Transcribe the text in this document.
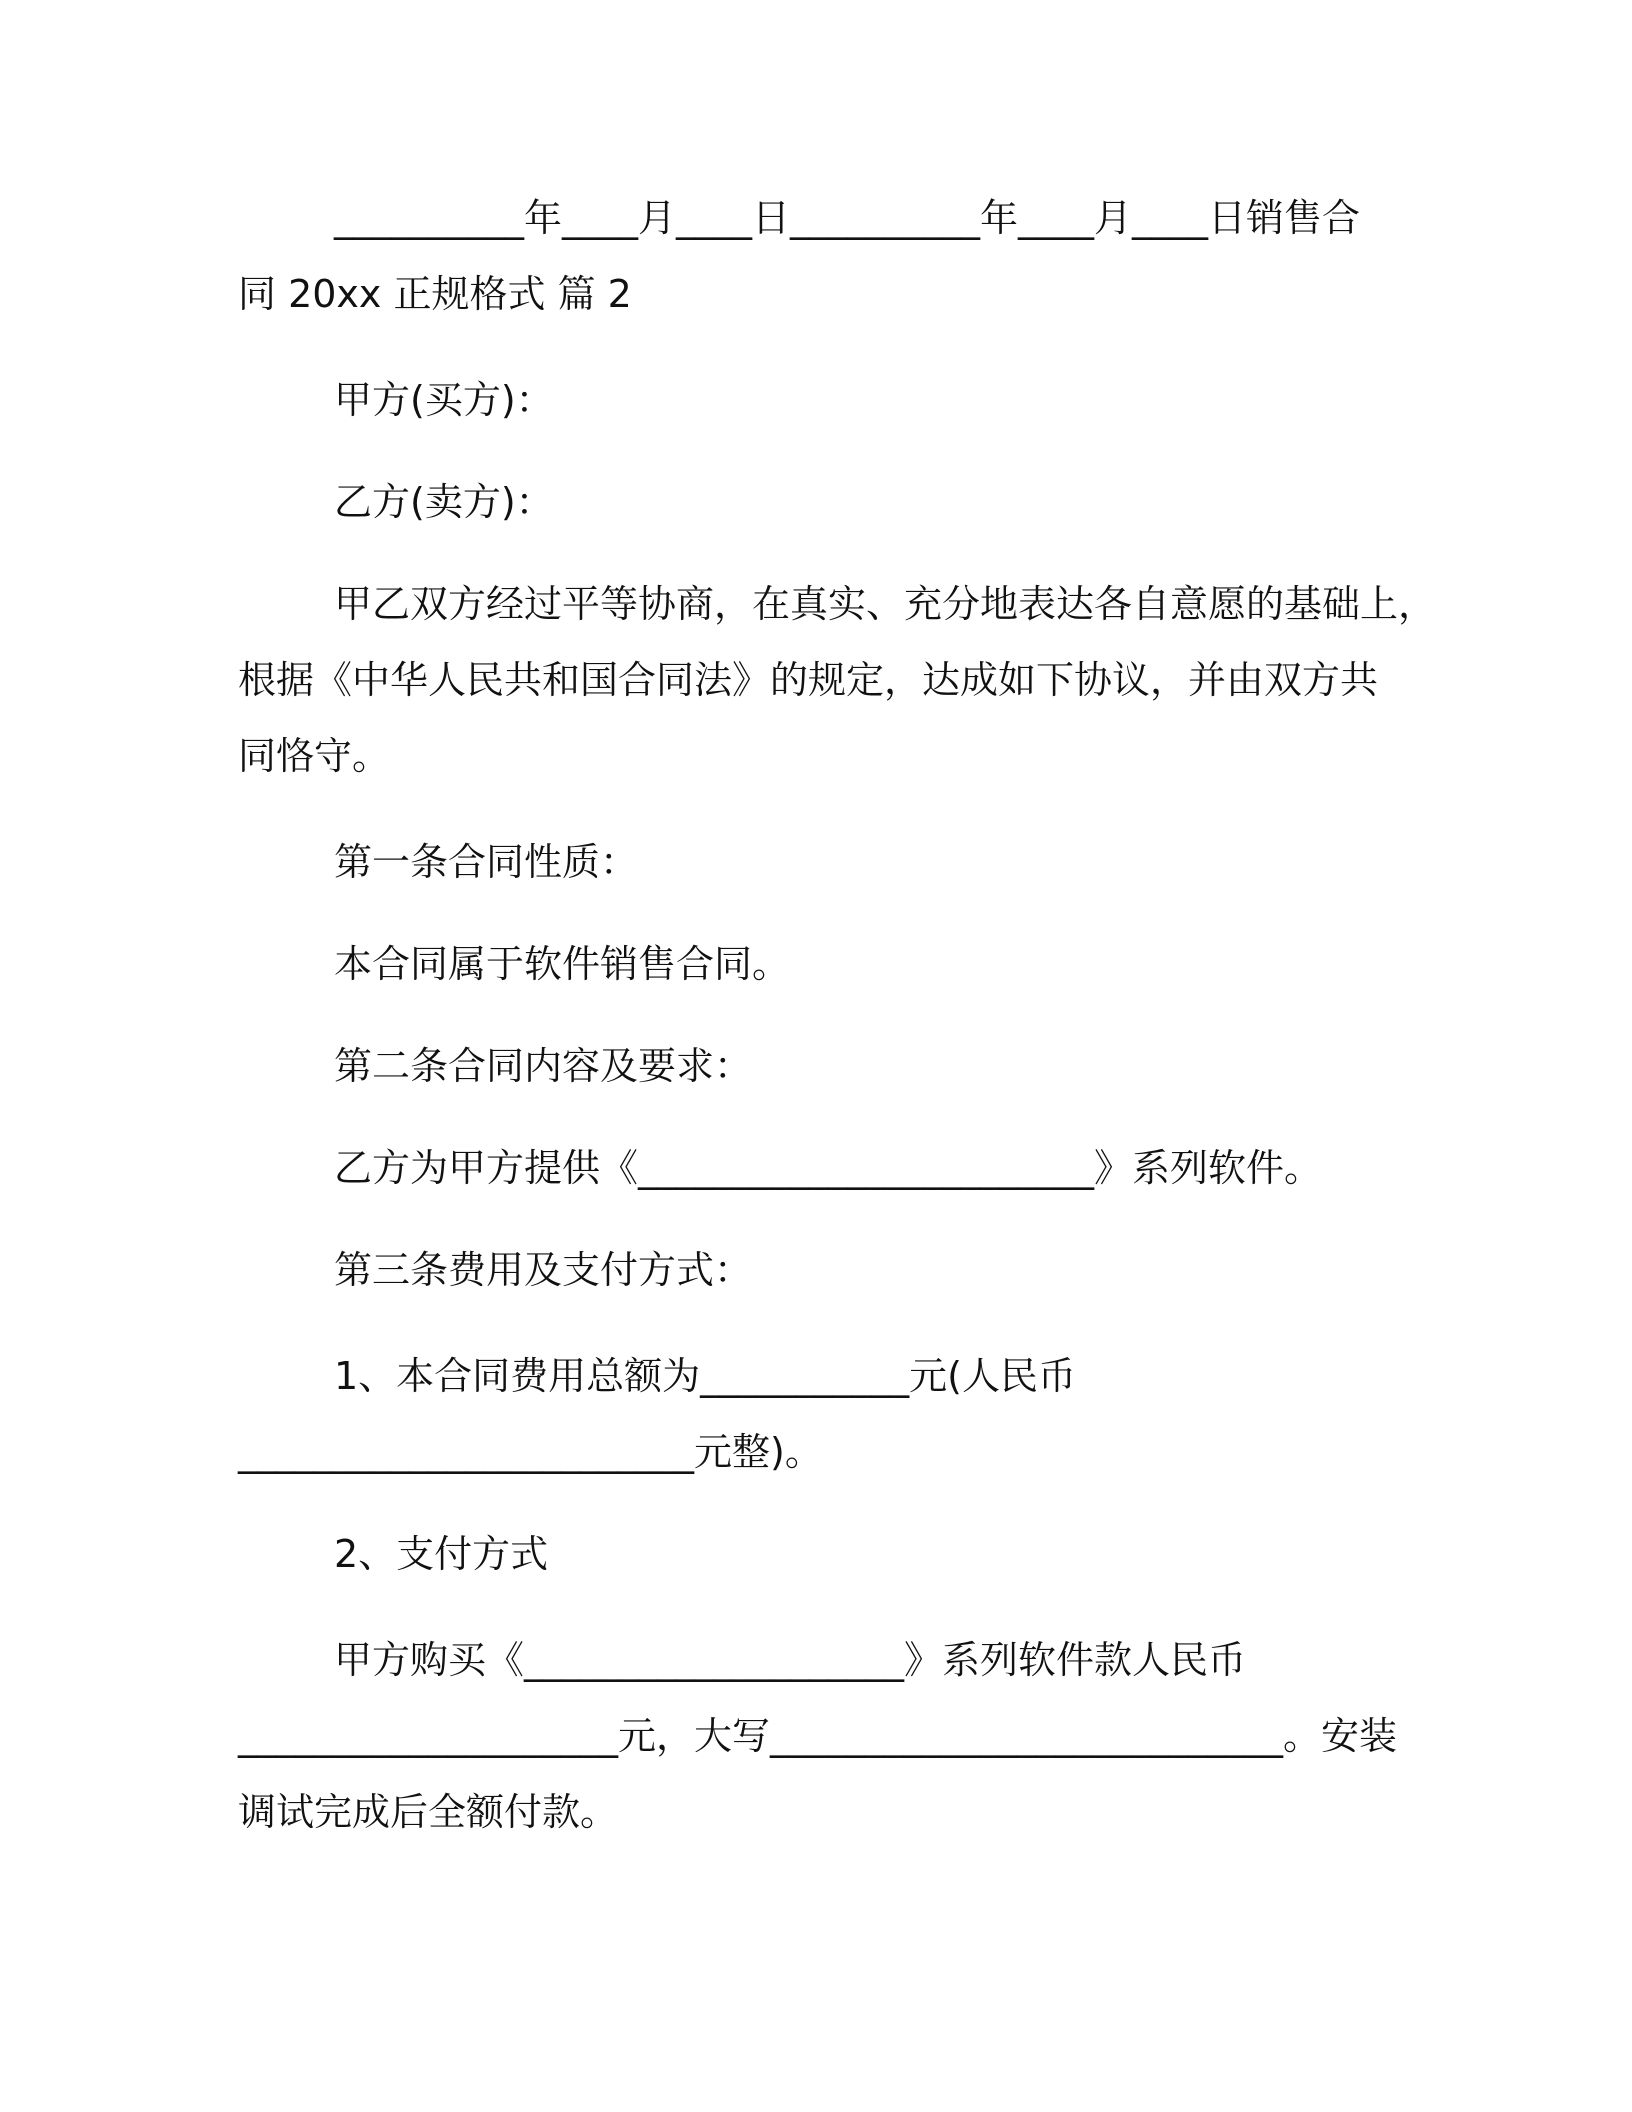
__________年____月____日__________年____月____日销售合
同 20xx 正规格式 篇 2
甲方(买方)：
乙方(卖方)：
甲乙双方经过平等协商，在真实、充分地表达各自意愿的基础上，
根据《中华人民共和国合同法》的规定，达成如下协议，并由双方共
同恪守。
第一条合同性质：
本合同属于软件销售合同。
第二条合同内容及要求：
乙方为甲方提供《________________________》系列软件。
第三条费用及支付方式：
1、本合同费用总额为___________元(人民币
________________________元整)。
2、支付方式
甲方购买《____________________》系列软件款人民币
____________________元，大写___________________________。安装
调试完成后全额付款。
